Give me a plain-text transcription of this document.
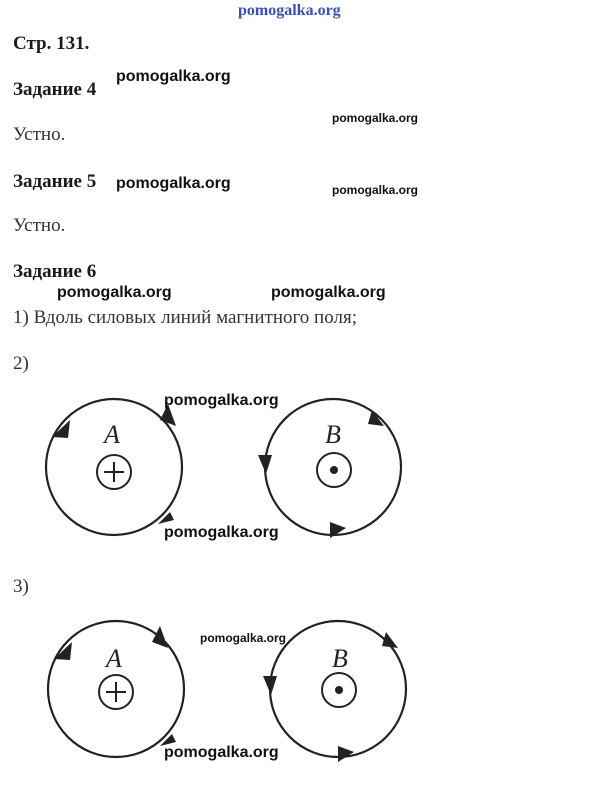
pomogalka.org
Стр. 131.
Задание 4
pomogalka.org
pomogalka.org
Устно.
Задание 5 pomogalka.org	pomogalka.org
Устно.
Задание 6
pomogalka.org	pomogalka.org
1) Вдоль силовых линий магнитного поля;
2)
A	B
pomogalka.org
pomogalka.org
3)
pomogalka.org
A	B
pomogalka.org
